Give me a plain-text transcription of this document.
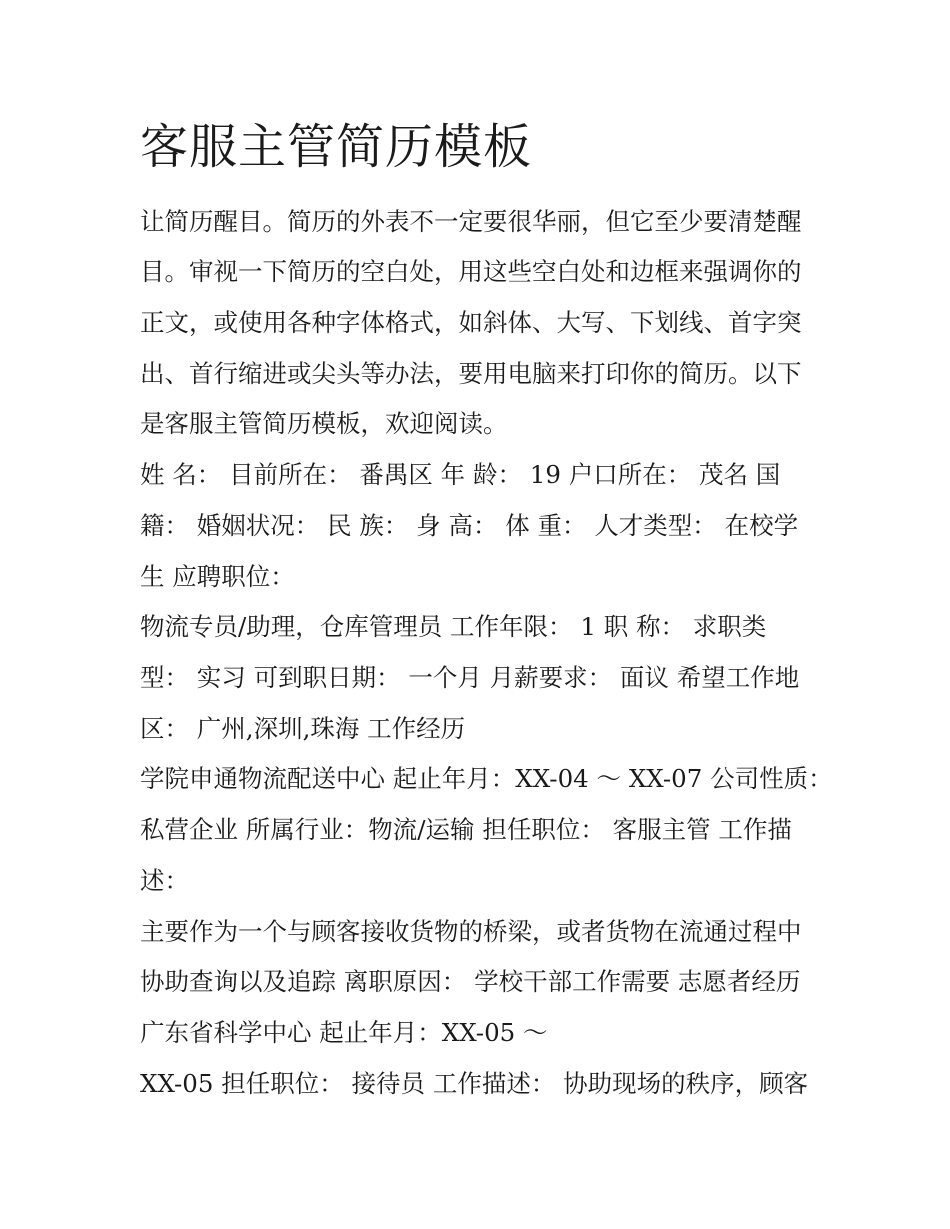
客服主管简历模板
让简历醒目。简历的外表不一定要很华丽，但它至少要清楚醒
目。审视一下简历的空白处，用这些空白处和边框来强调你的
正文，或使用各种字体格式，如斜体、大写、下划线、首字突
出、首行缩进或尖头等办法，要用电脑来打印你的简历。以下
是客服主管简历模板，欢迎阅读。
姓 名： 目前所在： 番禺区 年 龄： 19 户口所在： 茂名 国
籍： 婚姻状况： 民 族： 身 高： 体 重： 人才类型： 在校学
生 应聘职位：
物流专员/助理，仓库管理员 工作年限： 1 职 称： 求职类
型： 实习 可到职日期： 一个月 月薪要求： 面议 希望工作地
区： 广州,深圳,珠海 工作经历
学院申通物流配送中心 起止年月：XX-04 ～ XX-07 公司性质：
私营企业 所属行业：物流/运输 担任职位： 客服主管 工作描
述：
主要作为一个与顾客接收货物的桥梁，或者货物在流通过程中
协助查询以及追踪 离职原因： 学校干部工作需要 志愿者经历
广东省科学中心 起止年月：XX-05 ～
XX-05 担任职位： 接待员 工作描述： 协助现场的秩序，顾客
